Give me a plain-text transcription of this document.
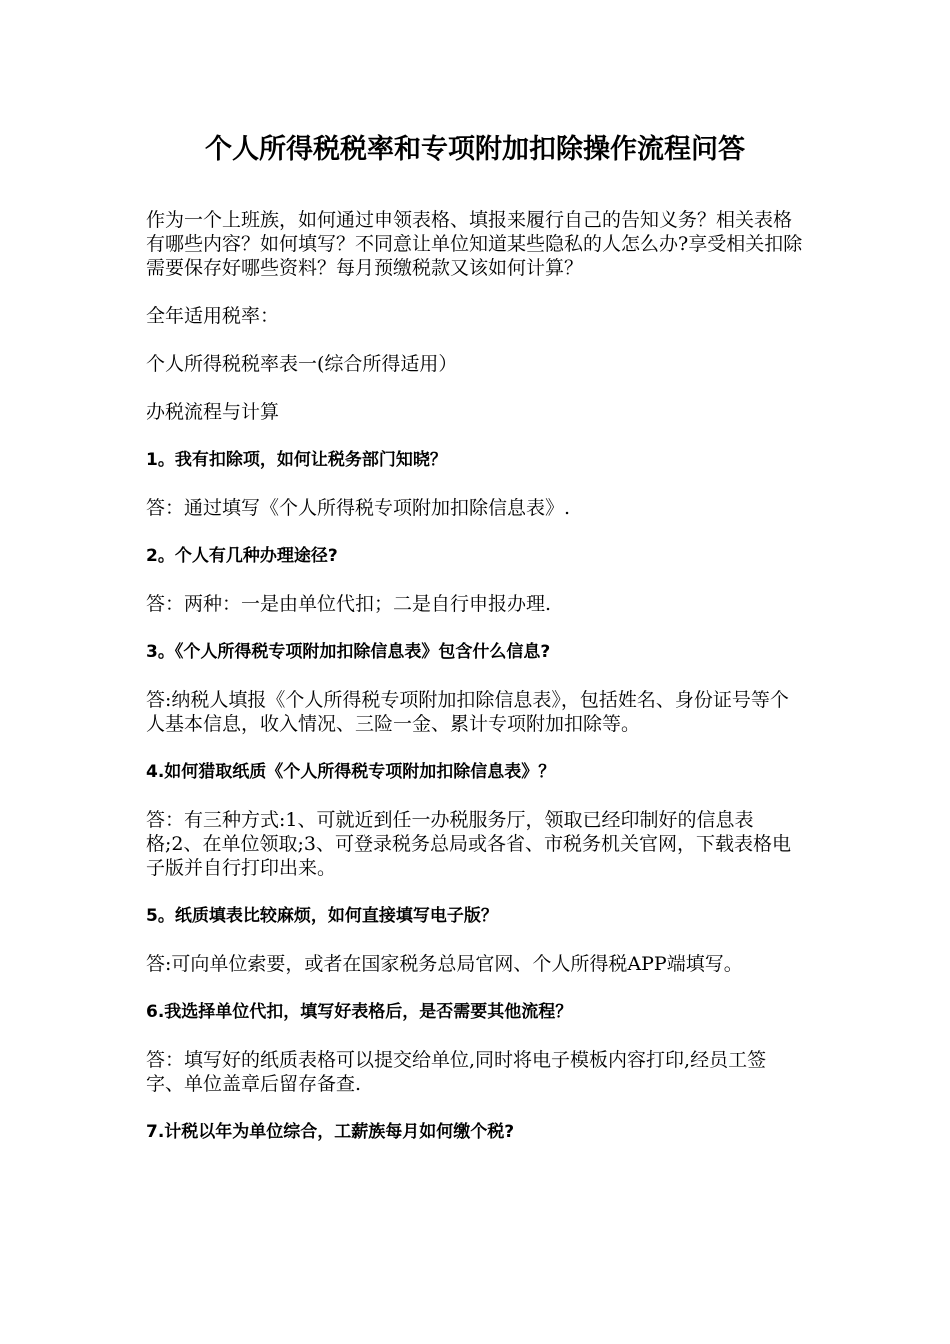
个人所得税税率和专项附加扣除操作流程问答

作为一个上班族，如何通过申领表格、填报来履行自己的告知义务？相关表格有哪些内容？如何填写？不同意让单位知道某些隐私的人怎么办?享受相关扣除需要保存好哪些资料？每月预缴税款又该如何计算？

全年适用税率：

个人所得税税率表一(综合所得适用）

办税流程与计算

1。我有扣除项，如何让税务部门知晓？

答：通过填写《个人所得税专项附加扣除信息表》.

2。个人有几种办理途径?

答：两种：一是由单位代扣；二是自行申报办理.

3。《个人所得税专项附加扣除信息表》包含什么信息?

答:纳税人填报《个人所得税专项附加扣除信息表》，包括姓名、身份证号等个人基本信息，收入情况、三险一金、累计专项附加扣除等。

4.如何猎取纸质《个人所得税专项附加扣除信息表》？

答：有三种方式:1、可就近到任一办税服务厅，领取已经印制好的信息表格;2、在单位领取;3、可登录税务总局或各省、市税务机关官网，下载表格电子版并自行打印出来。

5。纸质填表比较麻烦，如何直接填写电子版？

答:可向单位索要，或者在国家税务总局官网、个人所得税APP端填写。

6.我选择单位代扣，填写好表格后，是否需要其他流程？

答：填写好的纸质表格可以提交给单位,同时将电子模板内容打印,经员工签字、单位盖章后留存备查.

7.计税以年为单位综合，工薪族每月如何缴个税?
